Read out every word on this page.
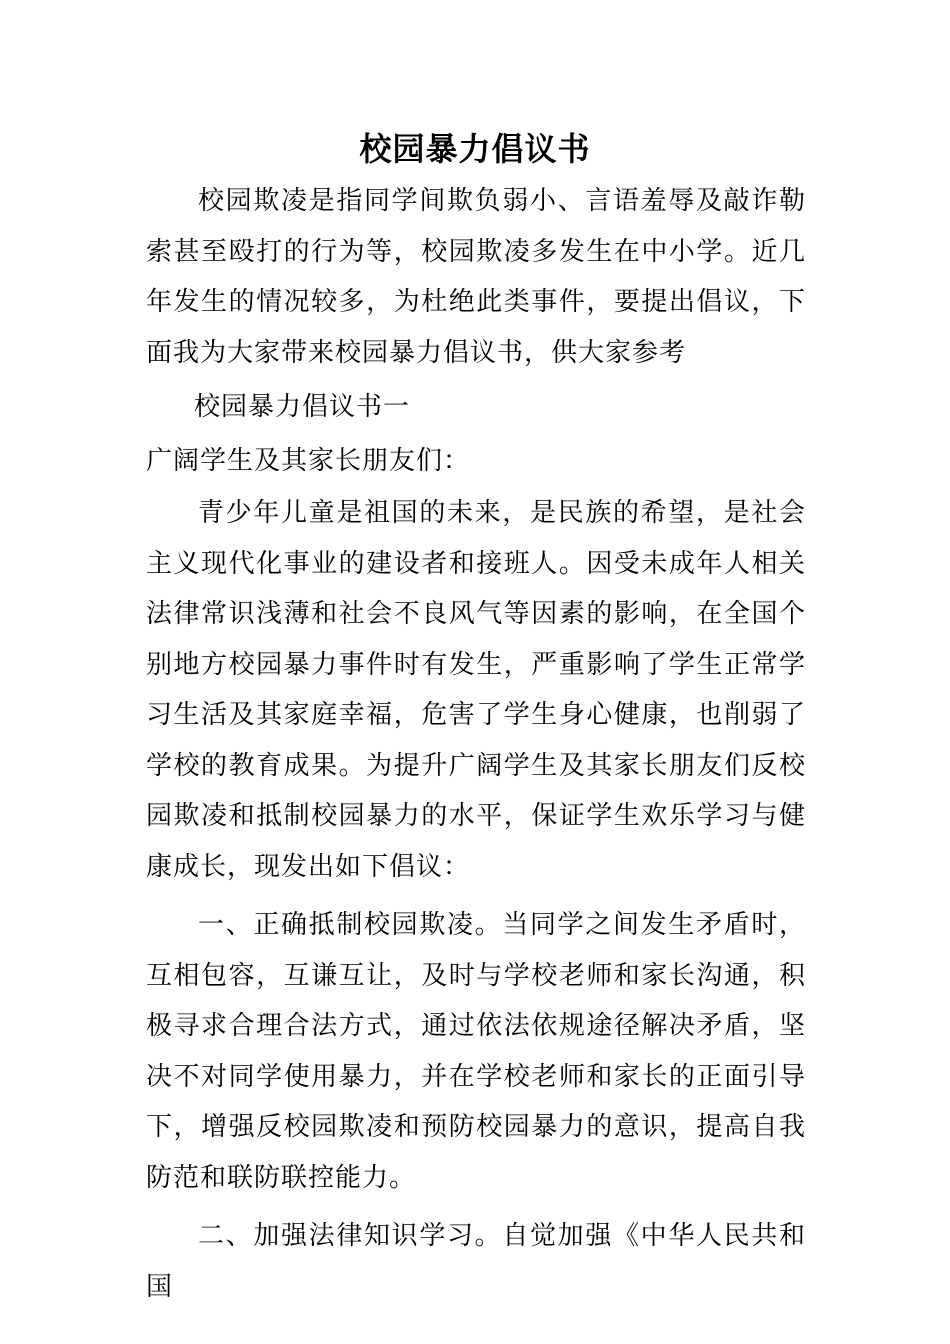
校园暴力倡议书

校园欺凌是指同学间欺负弱小、言语羞辱及敲诈勒索甚至殴打的行为等，校园欺凌多发生在中小学。近几年发生的情况较多，为杜绝此类事件，要提出倡议，下面我为大家带来校园暴力倡议书，供大家参考

校园暴力倡议书一

广阔学生及其家长朋友们：

青少年儿童是祖国的未来，是民族的希望，是社会主义现代化事业的建设者和接班人。因受未成年人相关法律常识浅薄和社会不良风气等因素的影响，在全国个别地方校园暴力事件时有发生，严重影响了学生正常学习生活及其家庭幸福，危害了学生身心健康，也削弱了学校的教育成果。为提升广阔学生及其家长朋友们反校园欺凌和抵制校园暴力的水平，保证学生欢乐学习与健康成长，现发出如下倡议：

一、正确抵制校园欺凌。当同学之间发生矛盾时，互相包容，互谦互让，及时与学校老师和家长沟通，积极寻求合理合法方式，通过依法依规途径解决矛盾，坚决不对同学使用暴力，并在学校老师和家长的正面引导下，增强反校园欺凌和预防校园暴力的意识，提高自我防范和联防联控能力。

二、加强法律知识学习。自觉加强《中华人民共和国
